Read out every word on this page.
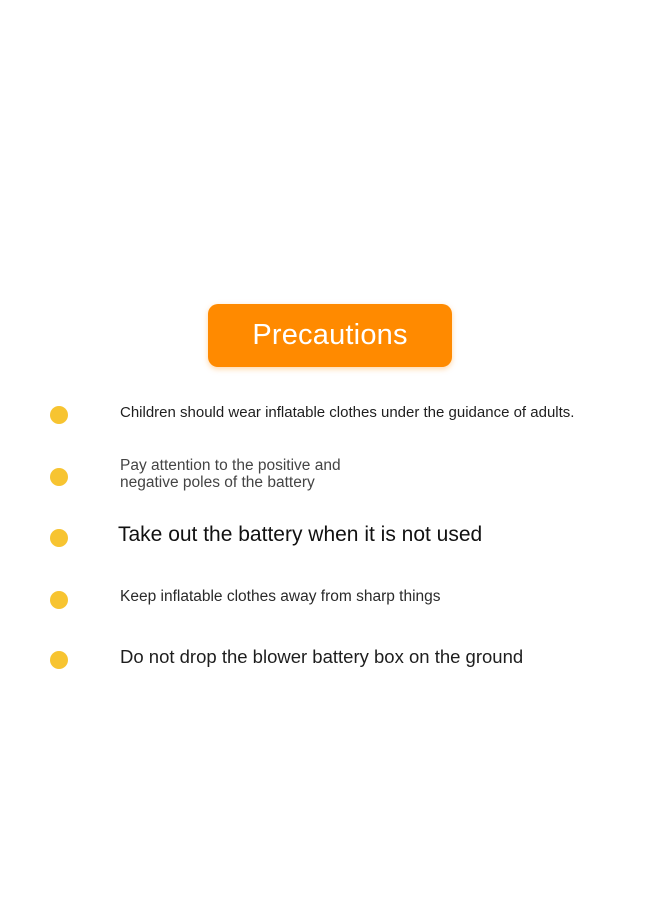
Precautions
Children should wear inflatable clothes under the guidance of adults.
Pay attention to the positive and
negative poles of the battery
Take out the battery when it is not used
Keep inflatable clothes away from sharp things
Do not drop the blower battery box on the ground
